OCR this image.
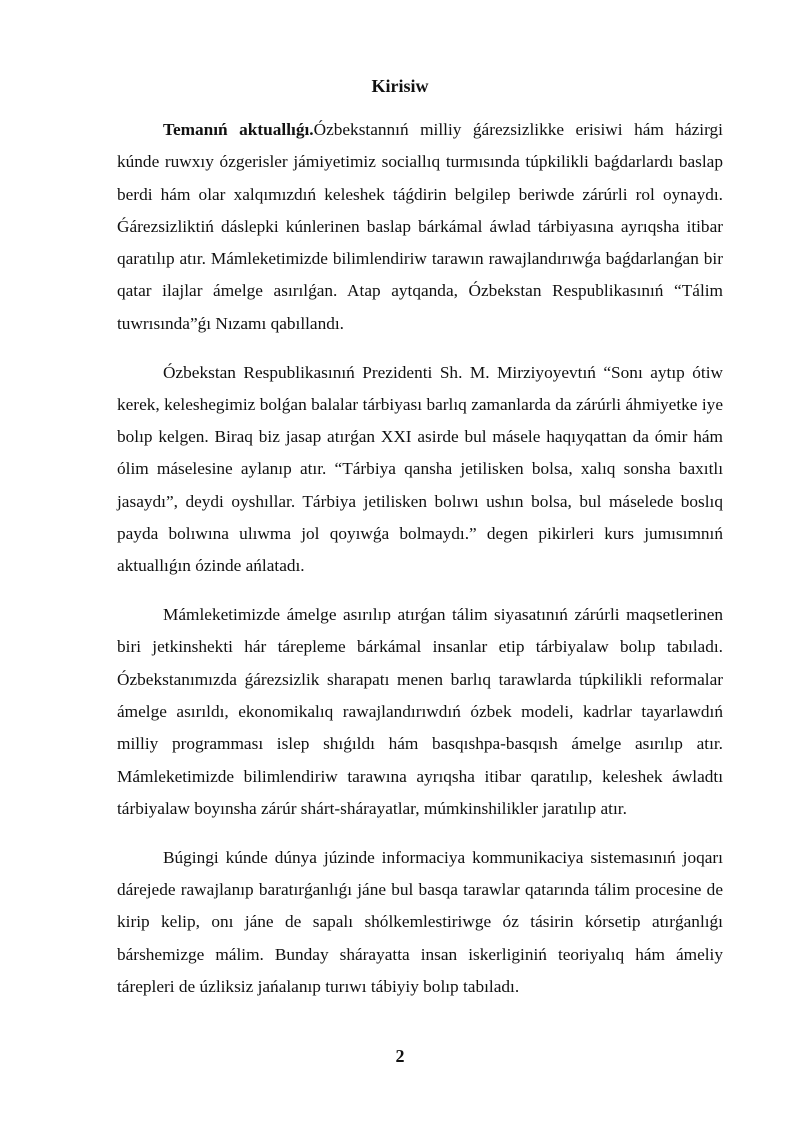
Kirisiw

Temanıń aktuallıǵı.Ózbekstannıń milliy ǵárezsizlikke erisiwi hám házirgi kúnde ruwxıy ózgerisler jámiyetimiz sociallıq turmısında túpkilikli baǵdarlardı baslap berdi hám olar xalqımızdıń keleshek táǵdirin belgilep beriwde zárúrli rol oynaydı. Ǵárezsizliktiń dáslepki kúnlerinen baslap bárkámal áwlad tárbiyasına ayrıqsha itibar qaratılıp atır. Mámleketimizde bilimlendiriw tarawın rawajlandırıwǵa baǵdarlanǵan bir qatar ilajlar ámelge asırılǵan. Atap aytqanda, Ózbekstan Respublikasınıń “Tálim tuwrısında”ǵı Nızamı qabıllandı.

Ózbekstan Respublikasınıń Prezidenti Sh. M. Mirziyoyevtıń “Sonı aytıp ótiw kerek, keleshegimiz bolǵan balalar tárbiyası barlıq zamanlarda da zárúrli áhmiyetke iye bolıp kelgen. Biraq biz jasap atırǵan XXI asirde bul másele haqıyqattan da ómir hám ólim máselesine aylanıp atır. “Tárbiya qansha jetilisken bolsa, xalıq sonsha baxıtlı jasaydı”, deydi oyshıllar. Tárbiya jetilisken bolıwı ushın bolsa, bul máselede boslıq payda bolıwına ulıwma jol qoyıwǵa bolmaydı.” degen pikirleri kurs jumısımnıń aktuallıǵın ózinde ańlatadı.

Mámleketimizde ámelge asırılıp atırǵan tálim siyasatınıń zárúrli maqsetlerinen biri jetkinshekti hár tárepleme bárkámal insanlar etip tárbiyalaw bolıp tabıladı. Ózbekstanımızda ǵárezsizlik sharapatı menen barlıq tarawlarda túpkilikli reformalar ámelge asırıldı, ekonomikalıq rawajlandırıwdıń ózbek modeli, kadrlar tayarlawdıń milliy programması islep shıǵıldı hám basqıshpa-basqısh ámelge asırılıp atır. Mámleketimizde bilimlendiriw tarawına ayrıqsha itibar qaratılıp, keleshek áwladtı tárbiyalaw boyınsha zárúr shárt-shárayatlar, múmkinshilikler jaratılıp atır.

Búgingi kúnde dúnya júzinde informaciya kommunikaciya sistemasınıń joqarı dárejede rawajlanıp baratırǵanlıǵı jáne bul basqa tarawlar qatarında tálim procesine de kirip kelip, onı jáne de sapalı shólkemlestiriwge óz tásirin kórsetip atırǵanlıǵı bárshemizge málim. Bunday shárayatta insan iskerliginiń teoriyalıq hám ámeliy tárepleri de úzliksiz jańalanıp turıwı tábiyiy bolıp tabıladı.

2
